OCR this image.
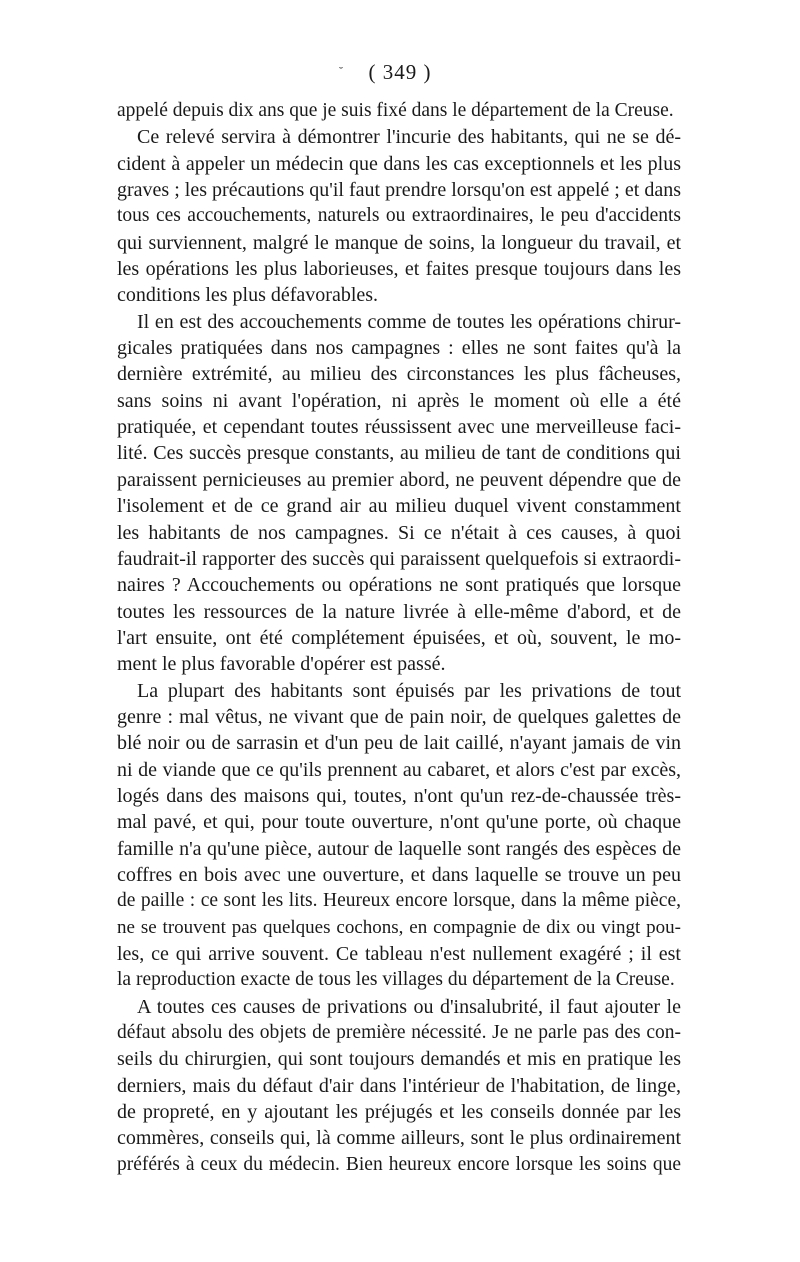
˘ ( 349 )
appelé depuis dix ans que je suis fixé dans le département de la Creuse.
Ce relevé servira à démontrer l'incurie des habitants, qui ne se dé-
cident à appeler un médecin que dans les cas exceptionnels et les plus
graves ; les précautions qu'il faut prendre lorsqu'on est appelé ; et dans
tous ces accouchements, naturels ou extraordinaires, le peu d'accidents
qui surviennent, malgré le manque de soins, la longueur du travail, et
les opérations les plus laborieuses, et faites presque toujours dans les
conditions les plus défavorables.
Il en est des accouchements comme de toutes les opérations chirur-
gicales pratiquées dans nos campagnes : elles ne sont faites qu'à la
dernière extrémité, au milieu des circonstances les plus fâcheuses,
sans soins ni avant l'opération, ni après le moment où elle a été
pratiquée, et cependant toutes réussissent avec une merveilleuse faci-
lité. Ces succès presque constants, au milieu de tant de conditions qui
paraissent pernicieuses au premier abord, ne peuvent dépendre que de
l'isolement et de ce grand air au milieu duquel vivent constamment
les habitants de nos campagnes. Si ce n'était à ces causes, à quoi
faudrait-il rapporter des succès qui paraissent quelquefois si extraordi-
naires ? Accouchements ou opérations ne sont pratiqués que lorsque
toutes les ressources de la nature livrée à elle-même d'abord, et de
l'art ensuite, ont été complétement épuisées, et où, souvent, le mo-
ment le plus favorable d'opérer est passé.
La plupart des habitants sont épuisés par les privations de tout
genre : mal vêtus, ne vivant que de pain noir, de quelques galettes de
blé noir ou de sarrasin et d'un peu de lait caillé, n'ayant jamais de vin
ni de viande que ce qu'ils prennent au cabaret, et alors c'est par excès,
logés dans des maisons qui, toutes, n'ont qu'un rez-de-chaussée très-
mal pavé, et qui, pour toute ouverture, n'ont qu'une porte, où chaque
famille n'a qu'une pièce, autour de laquelle sont rangés des espèces de
coffres en bois avec une ouverture, et dans laquelle se trouve un peu
de paille : ce sont les lits. Heureux encore lorsque, dans la même pièce,
ne se trouvent pas quelques cochons, en compagnie de dix ou vingt pou-
les, ce qui arrive souvent. Ce tableau n'est nullement exagéré ; il est
la reproduction exacte de tous les villages du département de la Creuse.
A toutes ces causes de privations ou d'insalubrité, il faut ajouter le
défaut absolu des objets de première nécessité. Je ne parle pas des con-
seils du chirurgien, qui sont toujours demandés et mis en pratique les
derniers, mais du défaut d'air dans l'intérieur de l'habitation, de linge,
de propreté, en y ajoutant les préjugés et les conseils donnée par les
commères, conseils qui, là comme ailleurs, sont le plus ordinairement
préférés à ceux du médecin. Bien heureux encore lorsque les soins que
